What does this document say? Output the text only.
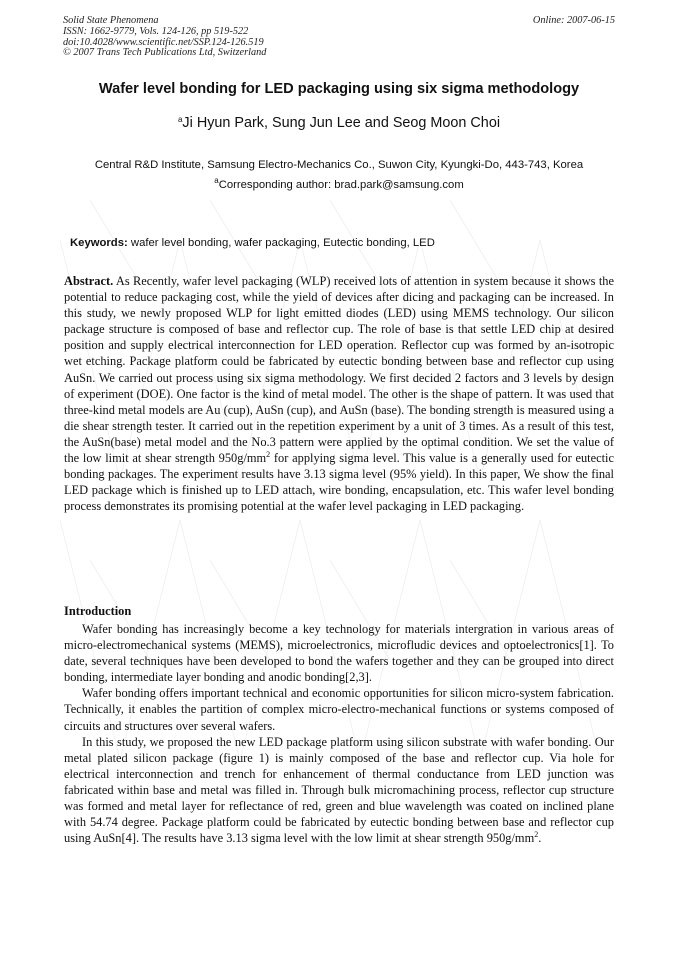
Solid State Phenomena
ISSN: 1662-9779, Vols. 124-126, pp 519-522
doi:10.4028/www.scientific.net/SSP.124-126.519
© 2007 Trans Tech Publications Ltd, Switzerland
Online: 2007-06-15
Wafer level bonding for LED packaging using six sigma methodology
$^a$Ji Hyun Park, Sung Jun Lee and Seog Moon Choi
Central R&D Institute, Samsung Electro-Mechanics Co., Suwon City, Kyungki-Do, 443-743, Korea
$^a$Corresponding author: brad.park@samsung.com
Keywords: wafer level bonding, wafer packaging, Eutectic bonding, LED
Abstract. As Recently, wafer level packaging (WLP) received lots of attention in system because it shows the potential to reduce packaging cost, while the yield of devices after dicing and packaging can be increased. In this study, we newly proposed WLP for light emitted diodes (LED) using MEMS technology. Our silicon package structure is composed of base and reflector cup. The role of base is that settle LED chip at desired position and supply electrical interconnection for LED operation. Reflector cup was formed by an-isotropic wet etching. Package platform could be fabricated by eutectic bonding between base and reflector cup using AuSn. We carried out process using six sigma methodology. We first decided 2 factors and 3 levels by design of experiment (DOE). One factor is the kind of metal model. The other is the shape of pattern. It was used that three-kind metal models are Au (cup), AuSn (cup), and AuSn (base). The bonding strength is measured using a die shear strength tester. It carried out in the repetition experiment by a unit of 3 times. As a result of this test, the AuSn(base) metal model and the No.3 pattern were applied by the optimal condition. We set the value of the low limit at shear strength $950g/mm^2$ for applying sigma level. This value is a generally used for eutectic bonding packages. The experiment results have 3.13 sigma level (95% yield). In this paper, We show the final LED package which is finished up to LED attach, wire bonding, encapsulation, etc. This wafer level bonding process demonstrates its promising potential at the wafer level packaging in LED packaging.
Introduction

Wafer bonding has increasingly become a key technology for materials intergration in various areas of micro-electromechanical systems (MEMS), microelectronics, microfludic devices and optoelectronics[1]. To date, several techniques have been developed to bond the wafers together and they can be grouped into direct bonding, intermediate layer bonding and anodic bonding[2,3].

Wafer bonding offers important technical and economic opportunities for silicon micro-system fabrication. Technically, it enables the partition of complex micro-electro-mechanical functions or systems composed of circuits and structures over several wafers.

In this study, we proposed the new LED package platform using silicon substrate with wafer bonding. Our metal plated silicon package (figure 1) is mainly composed of the base and reflector cup. Via hole for electrical interconnection and trench for enhancement of thermal conductance from LED junction was fabricated within base and metal was filled in. Through bulk micromachining process, reflector cup structure was formed and metal layer for reflectance of red, green and blue wavelength was coated on inclined plane with 54.74 degree. Package platform could be fabricated by eutectic bonding between base and reflector cup using AuSn[4]. The results have 3.13 sigma level with the low limit at shear strength $950g/mm^2$.
